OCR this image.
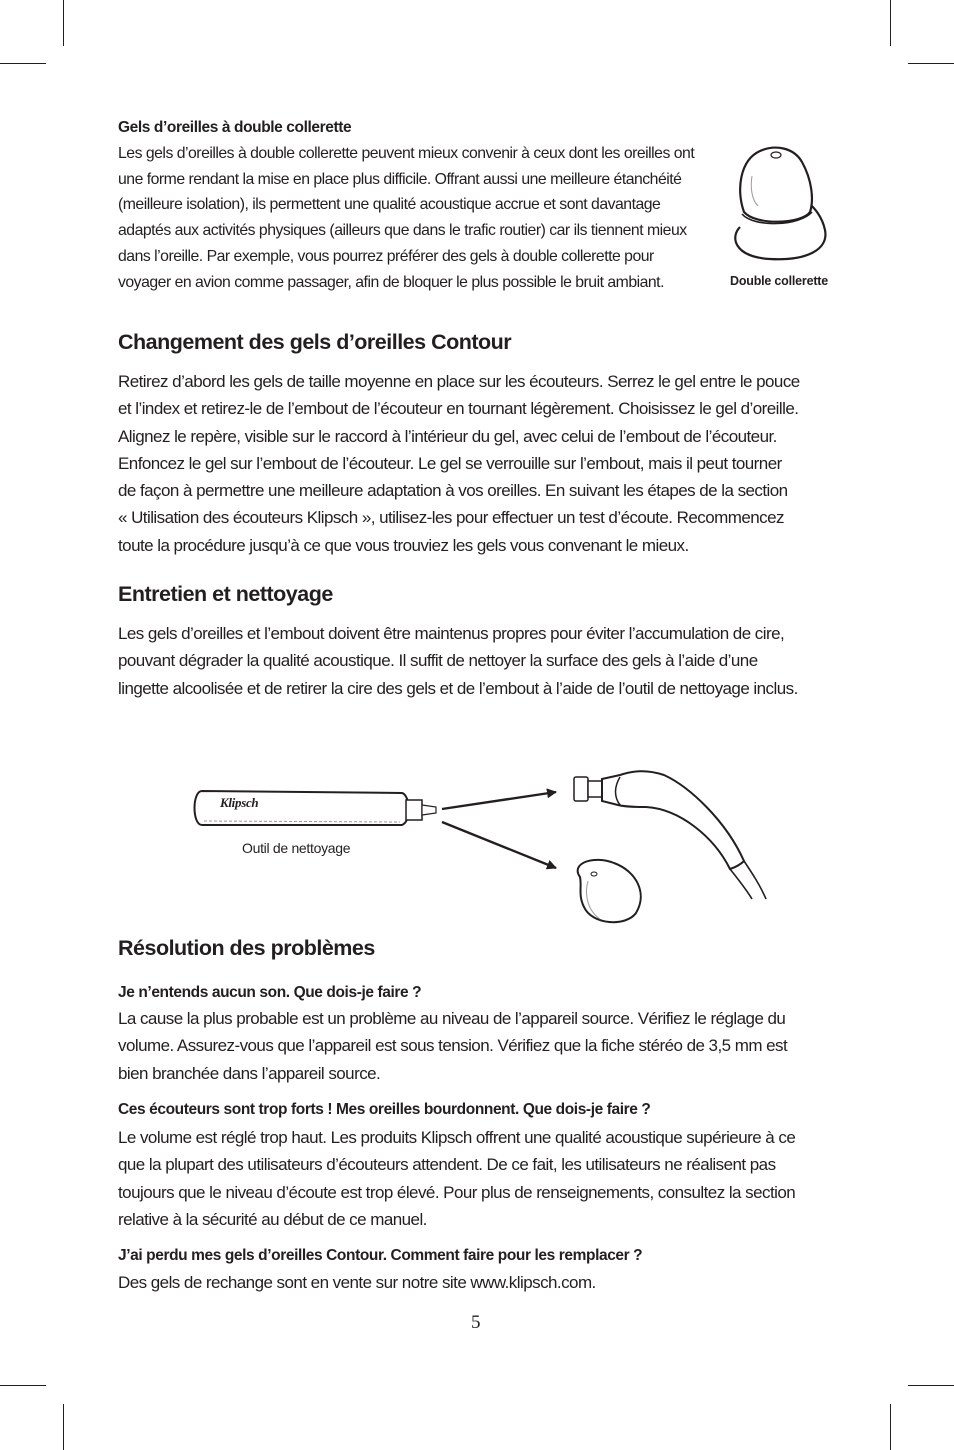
Gels d’oreilles à double collerette
Les gels d’oreilles à double collerette peuvent mieux convenir à ceux dont les oreilles ont
une forme rendant la mise en place plus difficile. Offrant aussi une meilleure étanchéité
(meilleure isolation), ils permettent une qualité acoustique accrue et sont davantage
adaptés aux activités physiques (ailleurs que dans le trafic routier) car ils tiennent mieux
dans l’oreille. Par exemple, vous pourrez préférer des gels à double collerette pour
voyager en avion comme passager, afin de bloquer le plus possible le bruit ambiant.	Double collerette
Changement des gels d’oreilles Contour
Retirez d’abord les gels de taille moyenne en place sur les écouteurs. Serrez le gel entre le pouce
et l’index et retirez-le de l’embout de l’écouteur en tournant légèrement. Choisissez le gel d’oreille.
Alignez le repère, visible sur le raccord à l’intérieur du gel, avec celui de l’embout de l’écouteur.
Enfoncez le gel sur l’embout de l’écouteur. Le gel se verrouille sur l’embout, mais il peut tourner
de façon à permettre une meilleure adaptation à vos oreilles. En suivant les étapes de la section
« Utilisation des écouteurs Klipsch », utilisez-les pour effectuer un test d’écoute. Recommencez
toute la procédure jusqu’à ce que vous trouviez les gels vous convenant le mieux.
Entretien et nettoyage
Les gels d’oreilles et l’embout doivent être maintenus propres pour éviter l’accumulation de cire,
pouvant dégrader la qualité acoustique. Il suffit de nettoyer la surface des gels à l’aide d’une
lingette alcoolisée et de retirer la cire des gels et de l’embout à l’aide de l’outil de nettoyage inclus.
Klipsch
Outil de nettoyage
Résolution des problèmes
Je n’entends aucun son. Que dois-je faire ?
La cause la plus probable est un problème au niveau de l’appareil source. Vérifiez le réglage du
volume. Assurez-vous que l’appareil est sous tension. Vérifiez que la fiche stéréo de 3,5 mm est
bien branchée dans l’appareil source.
Ces écouteurs sont trop forts ! Mes oreilles bourdonnent. Que dois-je faire ?
Le volume est réglé trop haut. Les produits Klipsch offrent une qualité acoustique supérieure à ce
que la plupart des utilisateurs d’écouteurs attendent. De ce fait, les utilisateurs ne réalisent pas
toujours que le niveau d’écoute est trop élevé. Pour plus de renseignements, consultez la section
relative à la sécurité au début de ce manuel.
J’ai perdu mes gels d’oreilles Contour. Comment faire pour les remplacer ?
Des gels de rechange sont en vente sur notre site www.klipsch.com.
5
